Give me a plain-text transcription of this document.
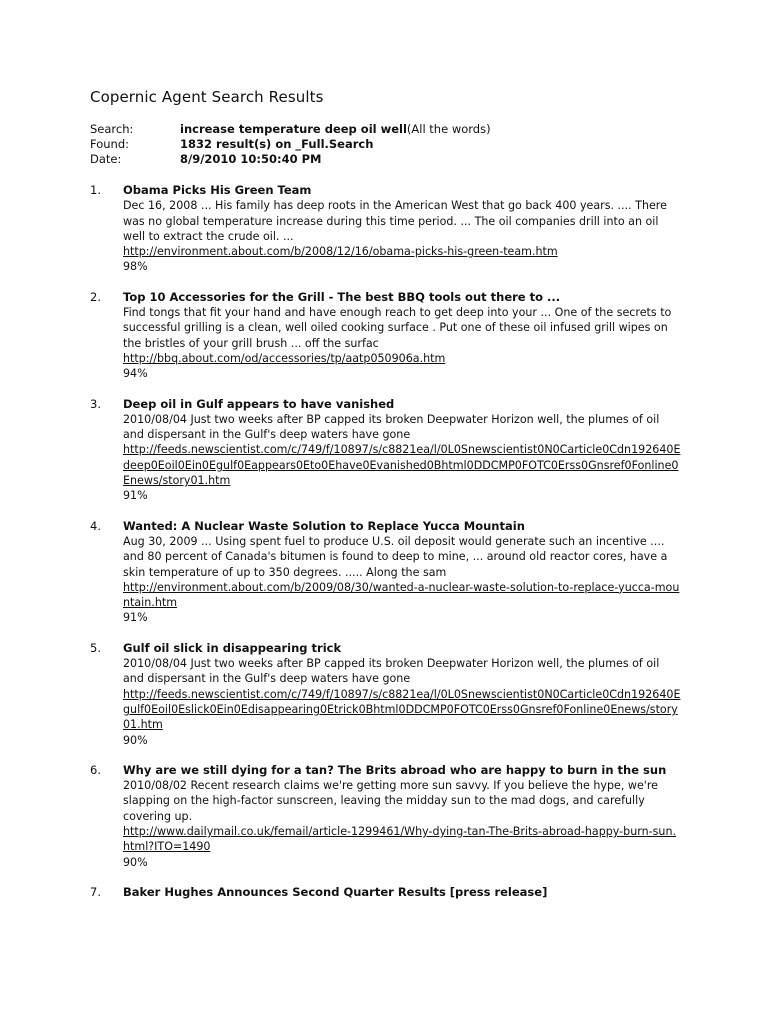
Copernic Agent Search Results
Search:	increase temperature deep oil well (All the words)
Found:	1832 result(s) on _Full.Search
Date:	8/9/2010 10:50:40 PM
1.	Obama Picks His Green Team
Dec 16, 2008 ... His family has deep roots in the American West that go back 400 years. .... There was no global temperature increase during this time period. ... The oil companies drill into an oil well to extract the crude oil. ...
http://environment.about.com/b/2008/12/16/obama-picks-his-green-team.htm
98%
2.	Top 10 Accessories for the Grill - The best BBQ tools out there to ...
Find tongs that fit your hand and have enough reach to get deep into your ... One of the secrets to successful grilling is a clean, well oiled cooking surface . Put one of these oil infused grill wipes on the bristles of your grill brush ... off the surfac
http://bbq.about.com/od/accessories/tp/aatp050906a.htm
94%
3.	Deep oil in Gulf appears to have vanished
2010/08/04 Just two weeks after BP capped its broken Deepwater Horizon well, the plumes of oil and dispersant in the Gulf's deep waters have gone
http://feeds.newscientist.com/c/749/f/10897/s/c8821ea/l/0L0Snewscientist0N0Carticle0Cdn192640Edeep0Eoil0Ein0Egulf0Eappears0Eto0Ehave0Evanished0Bhtml0DDCMP0FOTC0Erss0Gnsref0Fonline0Enews/story01.htm
91%
4.	Wanted: A Nuclear Waste Solution to Replace Yucca Mountain
Aug 30, 2009 ... Using spent fuel to produce U.S. oil deposit would generate such an incentive .... and 80 percent of Canada's bitumen is found to deep to mine, ... around old reactor cores, have a skin temperature of up to 350 degrees. ..... Along the sam
http://environment.about.com/b/2009/08/30/wanted-a-nuclear-waste-solution-to-replace-yucca-mountain.htm
91%
5.	Gulf oil slick in disappearing trick
2010/08/04 Just two weeks after BP capped its broken Deepwater Horizon well, the plumes of oil and dispersant in the Gulf's deep waters have gone
http://feeds.newscientist.com/c/749/f/10897/s/c8821ea/l/0L0Snewscientist0N0Carticle0Cdn192640Egulf0Eoil0Eslick0Ein0Edisappearing0Etrick0Bhtml0DDCMP0FOTC0Erss0Gnsref0Fonline0Enews/story01.htm
90%
6.	Why are we still dying for a tan? The Brits abroad who are happy to burn in the sun
2010/08/02 Recent research claims we're getting more sun savvy. If you believe the hype, we're slapping on the high-factor sunscreen, leaving the midday sun to the mad dogs, and carefully covering up.
http://www.dailymail.co.uk/femail/article-1299461/Why-dying-tan-The-Brits-abroad-happy-burn-sun.html?ITO=1490
90%
7.	Baker Hughes Announces Second Quarter Results [press release]
